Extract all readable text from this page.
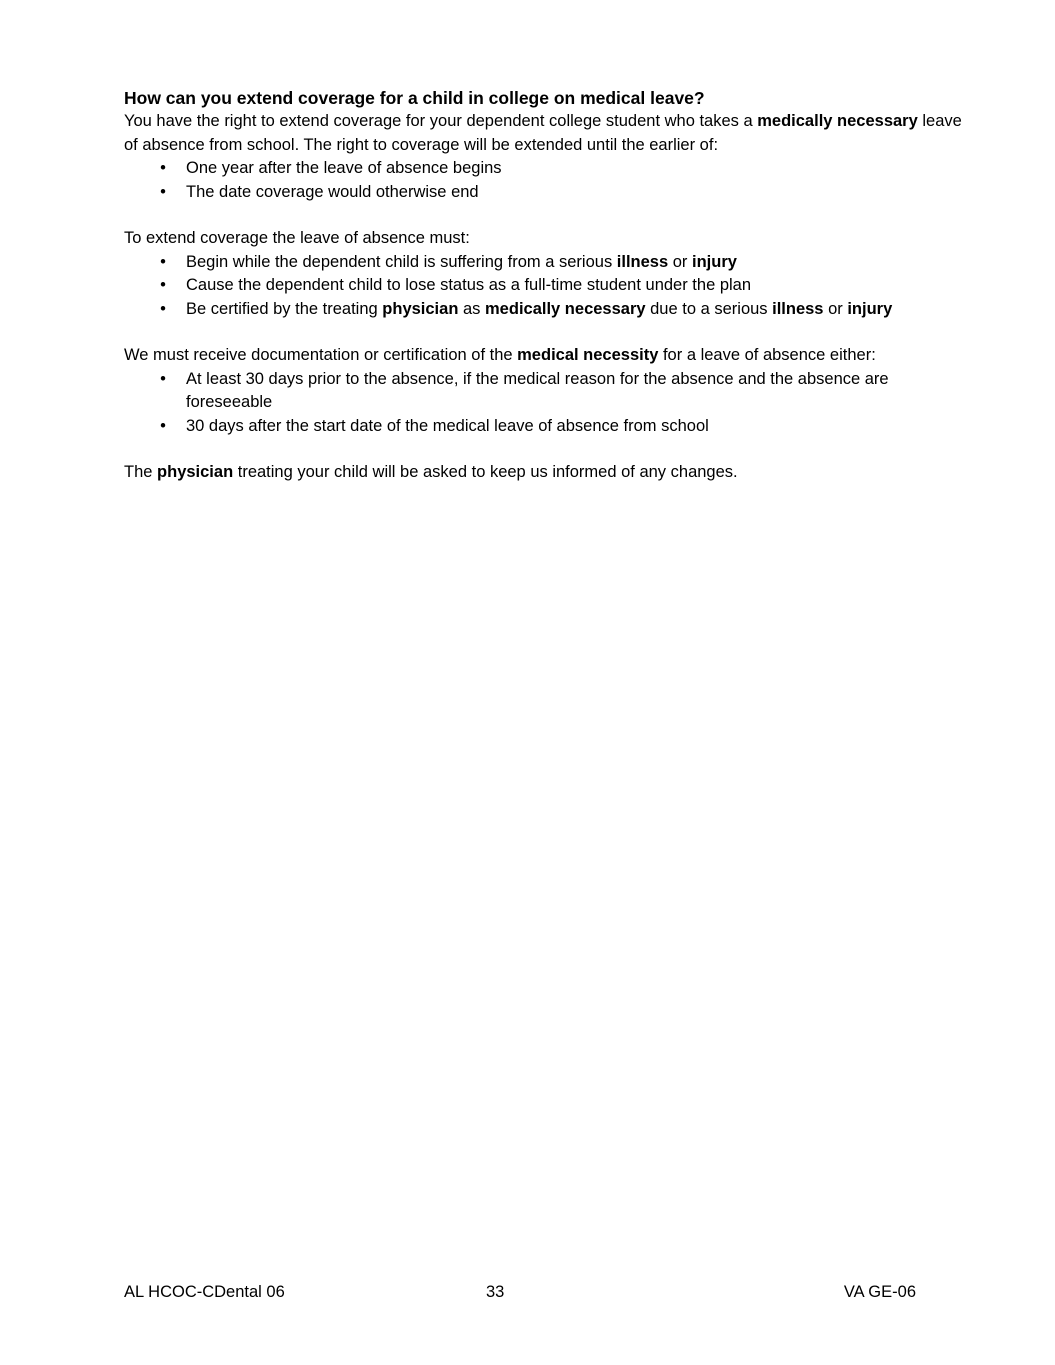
How can you extend coverage for a child in college on medical leave?

You have the right to extend coverage for your dependent college student who takes a medically necessary leave of absence from school. The right to coverage will be extended until the earlier of:

• One year after the leave of absence begins
• The date coverage would otherwise end

To extend coverage the leave of absence must:

• Begin while the dependent child is suffering from a serious illness or injury
• Cause the dependent child to lose status as a full-time student under the plan
• Be certified by the treating physician as medically necessary due to a serious illness or injury

We must receive documentation or certification of the medical necessity for a leave of absence either:

• At least 30 days prior to the absence, if the medical reason for the absence and the absence are foreseeable
• 30 days after the start date of the medical leave of absence from school

The physician treating your child will be asked to keep us informed of any changes.

AL HCOC-CDental 06	33	VA GE-06
